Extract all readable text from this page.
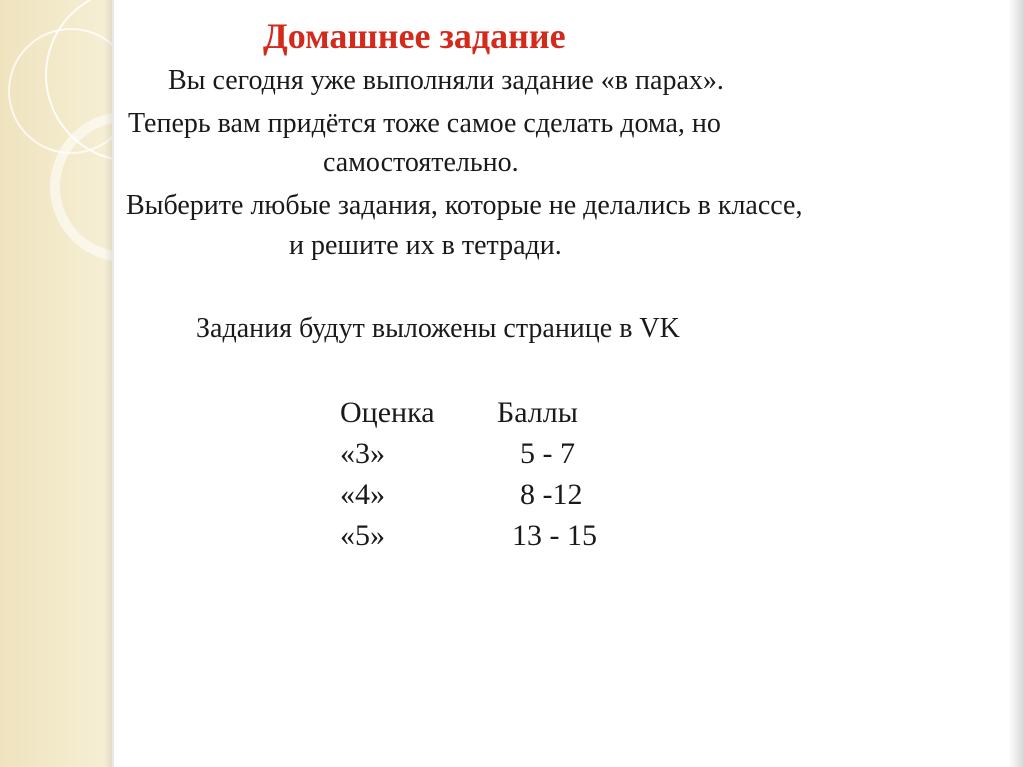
Домашнее задание
Вы сегодня уже выполняли задание «в парах».
Теперь вам придётся тоже самое сделать дома, но
самостоятельно.
Выберите любые задания, которые не делались в классе,
и решите их в тетради.
Задания будут выложены странице в VK
Оценка Баллы
«3»	5 - 7
«4»	8 -12
«5»	13 - 15
